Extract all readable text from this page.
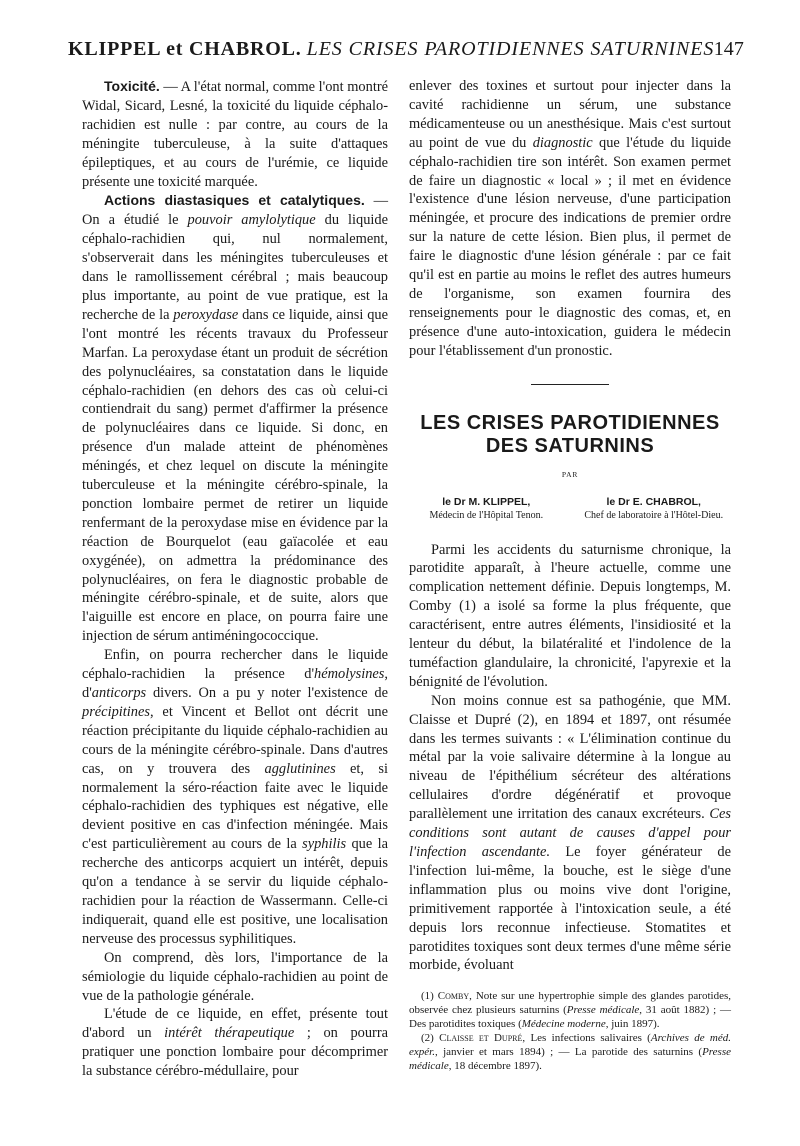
KLIPPEL et CHABROL. LES CRISES PAROTIDIENNES SATURNINES 147

Toxicité. — A l'état normal, comme l'ont montré Widal, Sicard, Lesné, la toxicité du liquide céphalo-rachidien est nulle : par contre, au cours de la méningite tuberculeuse, à la suite d'attaques épileptiques, et au cours de l'urémie, ce liquide présente une toxicité marquée.

Actions diastasiques et catalytiques. — On a étudié le pouvoir amylolytique du liquide céphalo-rachidien qui, nul normalement, s'observerait dans les méningites tuberculeuses et dans le ramollissement cérébral ; mais beaucoup plus importante, au point de vue pratique, est la recherche de la peroxydase dans ce liquide, ainsi que l'ont montré les récents travaux du Professeur Marfan. La peroxydase étant un produit de sécrétion des polynucléaires, sa constatation dans le liquide céphalo-rachidien (en dehors des cas où celui-ci contiendrait du sang) permet d'affirmer la présence de polynucléaires dans ce liquide. Si donc, en présence d'un malade atteint de phénomènes méningés, et chez lequel on discute la méningite tuberculeuse et la méningite cérébro-spinale, la ponction lombaire permet de retirer un liquide renfermant de la peroxydase mise en évidence par la réaction de Bourquelot (eau gaïacolée et eau oxygénée), on admettra la prédominance des polynucléaires, on fera le diagnostic probable de méningite cérébro-spinale, et de suite, alors que l'aiguille est encore en place, on pourra faire une injection de sérum antiméningococcique.

Enfin, on pourra rechercher dans le liquide céphalo-rachidien la présence d'hémolysines, d'anticorps divers. On a pu y noter l'existence de précipitines, et Vincent et Bellot ont décrit une réaction précipitante du liquide céphalo-rachidien au cours de la méningite cérébro-spinale. Dans d'autres cas, on y trouvera des agglutinines et, si normalement la séro-réaction faite avec le liquide céphalo-rachidien des typhiques est négative, elle devient positive en cas d'infection méningée. Mais c'est particulièrement au cours de la syphilis que la recherche des anticorps acquiert un intérêt, depuis qu'on a tendance à se servir du liquide céphalo-rachidien pour la réaction de Wassermann. Celle-ci indiquerait, quand elle est positive, une localisation nerveuse des processus syphilitiques.

On comprend, dès lors, l'importance de la sémiologie du liquide céphalo-rachidien au point de vue de la pathologie générale.

L'étude de ce liquide, en effet, présente tout d'abord un intérêt thérapeutique ; on pourra pratiquer une ponction lombaire pour décomprimer la substance cérébro-médullaire, pour

enlever des toxines et surtout pour injecter dans la cavité rachidienne un sérum, une substance médicamenteuse ou un anesthésique. Mais c'est surtout au point de vue du diagnostic que l'étude du liquide céphalo-rachidien tire son intérêt. Son examen permet de faire un diagnostic « local » ; il met en évidence l'existence d'une lésion nerveuse, d'une participation méningée, et procure des indications de premier ordre sur la nature de cette lésion. Bien plus, il permet de faire le diagnostic d'une lésion générale : par ce fait qu'il est en partie au moins le reflet des autres humeurs de l'organisme, son examen fournira des renseignements pour le diagnostic des comas, et, en présence d'une auto-intoxication, guidera le médecin pour l'établissement d'un pronostic.

LES CRISES PAROTIDIENNES
DES SATURNINS
PAR
le Dr M. KLIPPEL,
Médecin de l'Hôpital Tenon.
le Dr E. CHABROL,
Chef de laboratoire à l'Hôtel-Dieu.

Parmi les accidents du saturnisme chronique, la parotidite apparaît, à l'heure actuelle, comme une complication nettement définie. Depuis longtemps, M. Comby (1) a isolé sa forme la plus fréquente, que caractérisent, entre autres éléments, l'insidiosité et la lenteur du début, la bilatéralité et l'indolence de la tuméfaction glandulaire, la chronicité, l'apyrexie et la bénignité de l'évolution.

Non moins connue est sa pathogénie, que MM. Claisse et Dupré (2), en 1894 et 1897, ont résumée dans les termes suivants : « L'élimination continue du métal par la voie salivaire détermine à la longue au niveau de l'épithélium sécréteur des altérations cellulaires d'ordre dégénératif et provoque parallèlement une irritation des canaux excréteurs. Ces conditions sont autant de causes d'appel pour l'infection ascendante. Le foyer générateur de l'infection lui-même, la bouche, est le siège d'une inflammation plus ou moins vive dont l'origine, primitivement rapportée à l'intoxication seule, a été depuis lors reconnue infectieuse. Stomatites et parotidites toxiques sont deux termes d'une même série morbide, évoluant

(1) Comby, Note sur une hypertrophie simple des glandes parotides, observée chez plusieurs saturnins (Presse médicale, 31 août 1882) ; — Des parotidites toxiques (Médecine moderne, juin 1897).

(2) Claisse et Dupré, Les infections salivaires (Archives de méd. expér., janvier et mars 1894) ; — La parotide des saturnins (Presse médicale, 18 décembre 1897).
